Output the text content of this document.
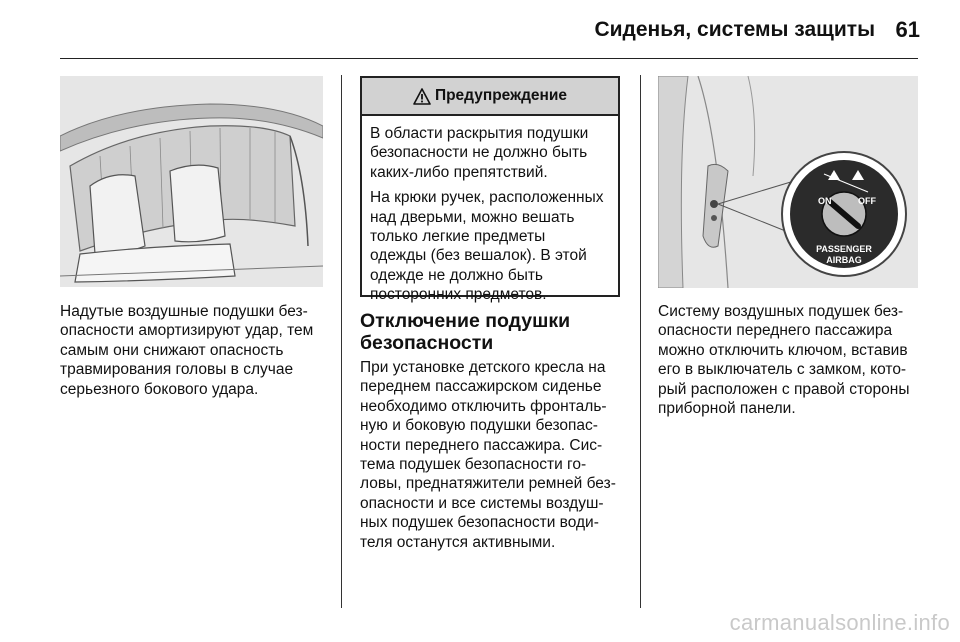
Сиденья, системы защиты 61
Надутые воздушные подушки без-
опасности амортизируют удар, тем
самым они снижают опасность
травмирования головы в случае
серьезного бокового удара.
Предупреждение

В области раскрытия подушки
безопасности не должно быть
каких-либо препятствий.

На крюки ручек, расположенных
над дверьми, можно вешать
только легкие предметы
одежды (без вешалок). В этой
одежде не должно быть
посторонних предметов.

Отключение подушки
безопасности
При установке детского кресла на
переднем пассажирском сиденье
необходимо отключить фронталь-
ную и боковую подушки безопас-
ности переднего пассажира. Сис-
тема подушек безопасности го-
ловы, преднатяжители ремней без-
опасности и все системы воздуш-
ных подушек безопасности води-
теля останутся активными.
ON	OFF
PASSENGER
AIRBAG
Систему воздушных подушек без-
опасности переднего пассажира
можно отключить ключом, вставив
его в выключатель с замком, кото-
рый расположен с правой стороны
приборной панели.
carmanualsonline.info
